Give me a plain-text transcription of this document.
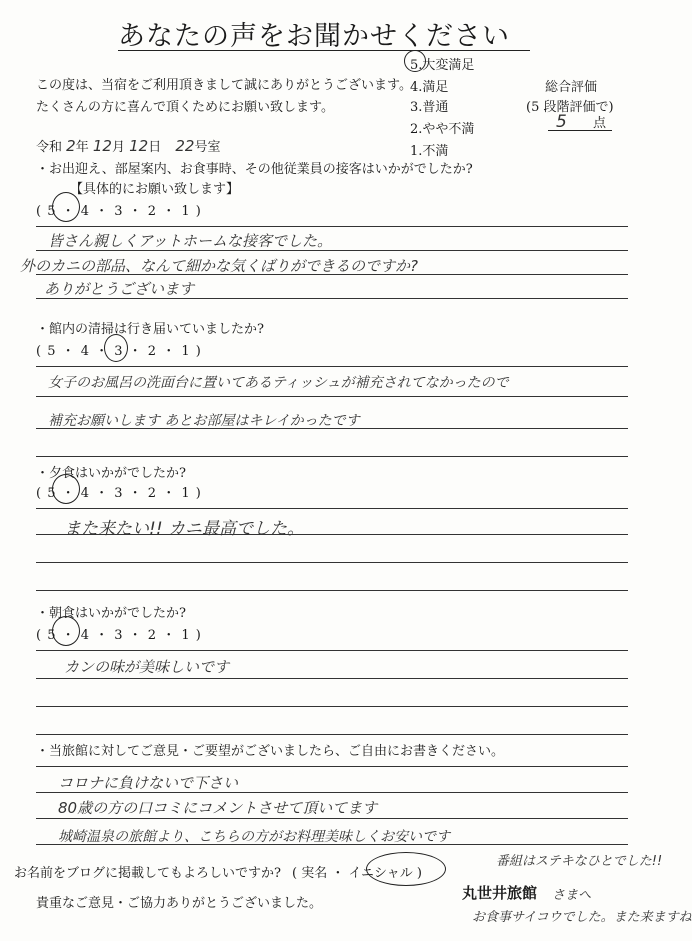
あなたの声をお聞かせください
この度は、当宿をご利用頂きまして誠にありがとうございます。
たくさんの方に喜んで頂くためにお願い致します。
5.大変満足
4.満足
3.普通
2.やや不満
1.不満
総合評価
(5 段階評価で)
5 点
令和 2年 12月 12日 22号室
・お出迎え、部屋案内、お食事時、その他従業員の接客はいかがでしたか?
【具体的にお願い致します】
( 5 ・ 4 ・ 3 ・ 2 ・ 1 )
皆さん親しくアットホームな接客でした。
外のカニの部品、なんて細かな気くばりができるのですか?
ありがとうございます
・館内の清掃は行き届いていましたか?
( 5 ・ 4 ・ 3 ・ 2 ・ 1 )
女子のお風呂の洗面台に置いてあるティッシュが補充されてなかったので
補充お願いします あとお部屋はキレイかったです
・夕食はいかがでしたか?
( 5 ・ 4 ・ 3 ・ 2 ・ 1 )
また来たい!! カニ最高でした。
・朝食はいかがでしたか?
( 5 ・ 4 ・ 3 ・ 2 ・ 1 )
カンの味が美味しいです
・当旅館に対してご意見・ご要望がございましたら、ご自由にお書きください。
コロナに負けないで下さい
80歳の方の口コミにコメントさせて頂いてます
城崎温泉の旅館より、こちらの方がお料理美味しくお安いです
お名前をブログに掲載してもよろしいですか? ( 実名 ・ イニシャル )
番組はステキなひとでした!!
貴重なご意見・ご協力ありがとうございました。
丸世井旅館 さまへ
お食事サイコウでした。また来ますね
